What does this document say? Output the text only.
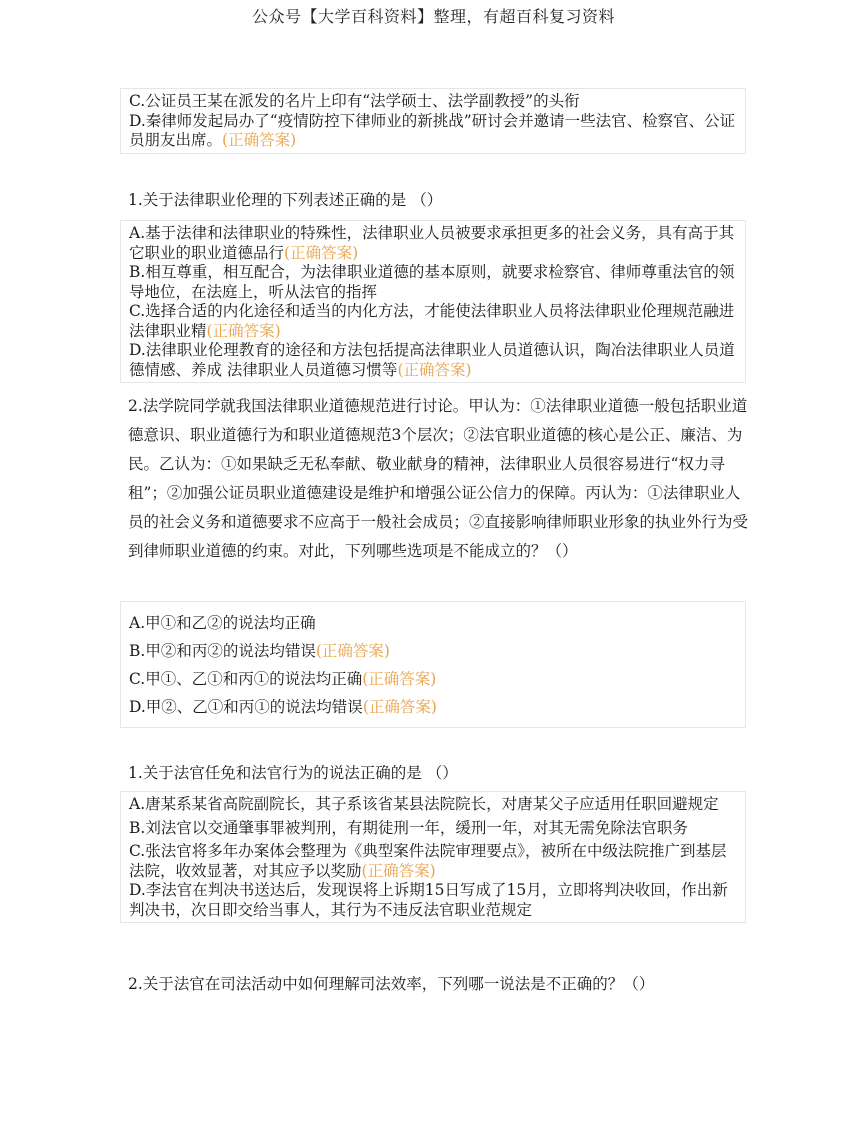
公众号【大学百科资料】整理，有超百科复习资料
C.公证员王某在派发的名片上印有“法学硕士、法学副教授”的头衔
D.秦律师发起局办了“疫情防控下律师业的新挑战”研讨会并邀请一些法官、检察官、公证员朋友出席。(正确答案)
1.关于法律职业伦理的下列表述正确的是 （）
A.基于法律和法律职业的特殊性，法律职业人员被要求承担更多的社会义务，具有高于其它职业的职业道德品行(正确答案)
B.相互尊重，相互配合，为法律职业道德的基本原则，就要求检察官、律师尊重法官的领导地位，在法庭上，听从法官的指挥
C.选择合适的内化途径和适当的内化方法，才能使法律职业人员将法律职业伦理规范融进法律职业精(正确答案)
D.法律职业伦理教育的途径和方法包括提高法律职业人员道德认识，陶冶法律职业人员道德情感、养成 法律职业人员道德习惯等(正确答案)
2.法学院同学就我国法律职业道德规范进行讨论。甲认为：①法律职业道德一般包括职业道德意识、职业道德行为和职业道德规范3个层次；②法官职业道德的核心是公正、廉洁、为民。乙认为：①如果缺乏无私奉献、敬业献身的精神，法律职业人员很容易进行“权力寻租”；②加强公证员职业道德建设是维护和增强公证公信力的保障。丙认为：①法律职业人员的社会义务和道德要求不应高于一般社会成员；②直接影响律师职业形象的执业外行为受到律师职业道德的约束。对此，下列哪些选项是不能成立的？（）
A.甲①和乙②的说法均正确
B.甲②和丙②的说法均错误(正确答案)
C.甲①、乙①和丙①的说法均正确(正确答案)
D.甲②、乙①和丙①的说法均错误(正确答案)
1.关于法官任免和法官行为的说法正确的是 （）
A.唐某系某省高院副院长，其子系该省某县法院院长，对唐某父子应适用任职回避规定
B.刘法官以交通肇事罪被判刑，有期徒刑一年，缓刑一年，对其无需免除法官职务
C.张法官将多年办案体会整理为《典型案件法院审理要点》，被所在中级法院推广到基层法院，收效显著，对其应予以奖励(正确答案)
D.李法官在判决书送达后，发现误将上诉期15日写成了15月，立即将判决收回，作出新判决书，次日即交给当事人，其行为不违反法官职业范规定
2.关于法官在司法活动中如何理解司法效率，下列哪一说法是不正确的？（）
